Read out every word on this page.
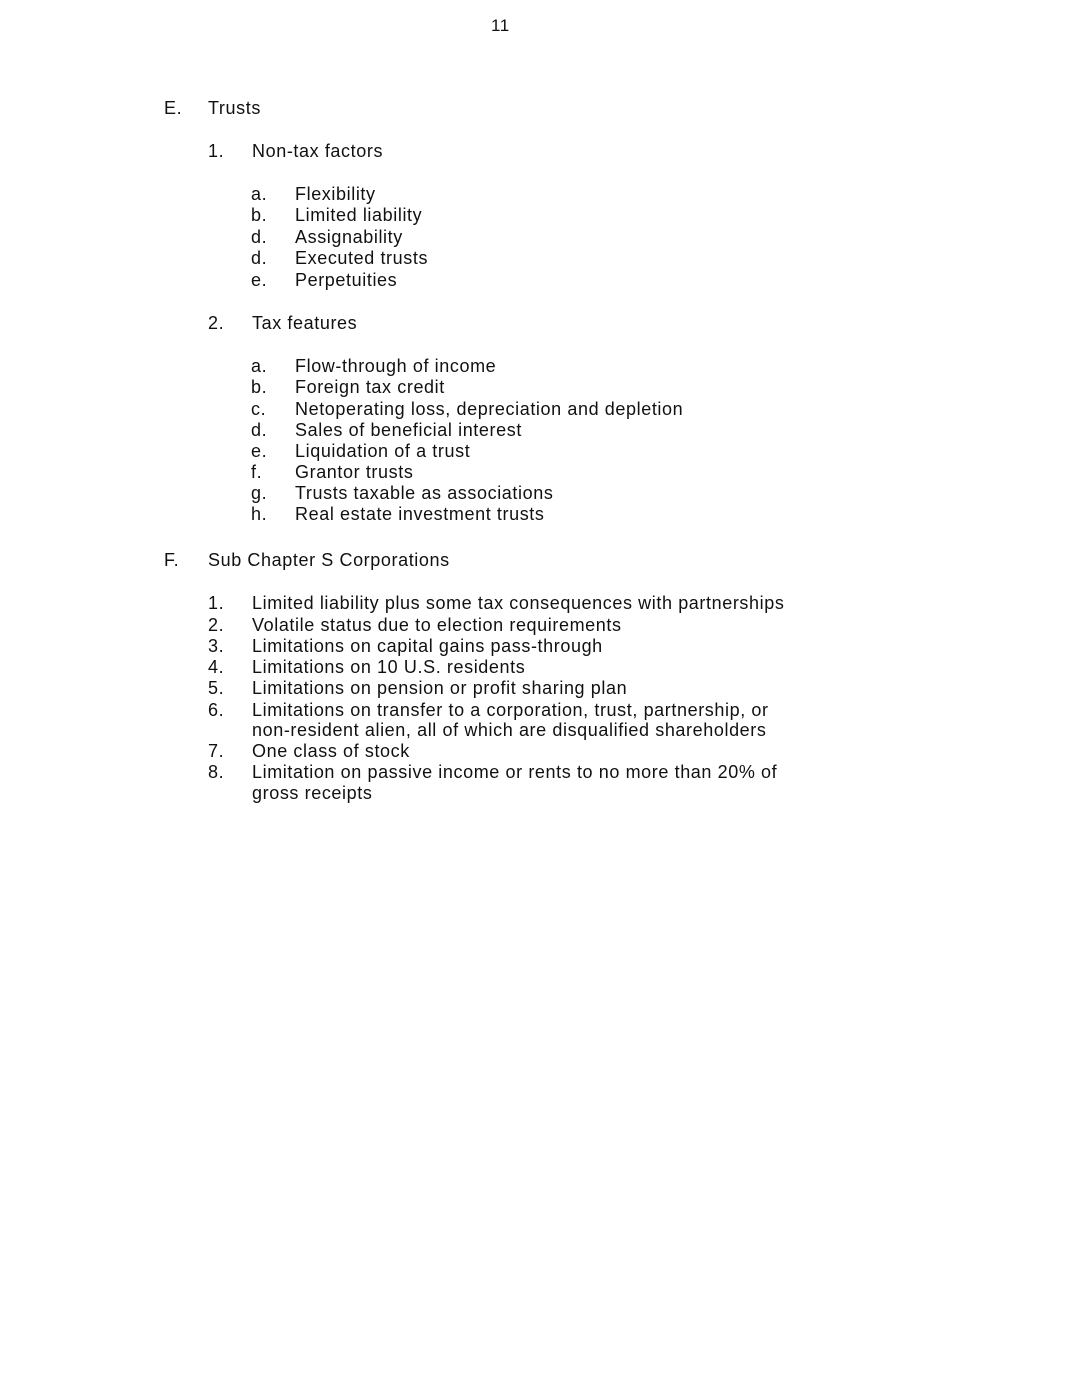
11
E. Trusts
1. Non-tax factors
a. Flexibility
b. Limited liability
d. Assignability
d. Executed trusts
e. Perpetuities
2. Tax features
a. Flow-through of income
b. Foreign tax credit
c. Netoperating loss, depreciation and depletion
d. Sales of beneficial interest
e. Liquidation of a trust
f. Grantor trusts
g. Trusts taxable as associations
h. Real estate investment trusts
F. Sub Chapter S Corporations
1. Limited liability plus some tax consequences with partnerships
2. Volatile status due to election requirements
3. Limitations on capital gains pass-through
4. Limitations on 10 U.S. residents
5. Limitations on pension or profit sharing plan
6. Limitations on transfer to a corporation, trust, partnership, or
non-resident alien, all of which are disqualified shareholders
7. One class of stock
8. Limitation on passive income or rents to no more than 20% of
gross receipts
